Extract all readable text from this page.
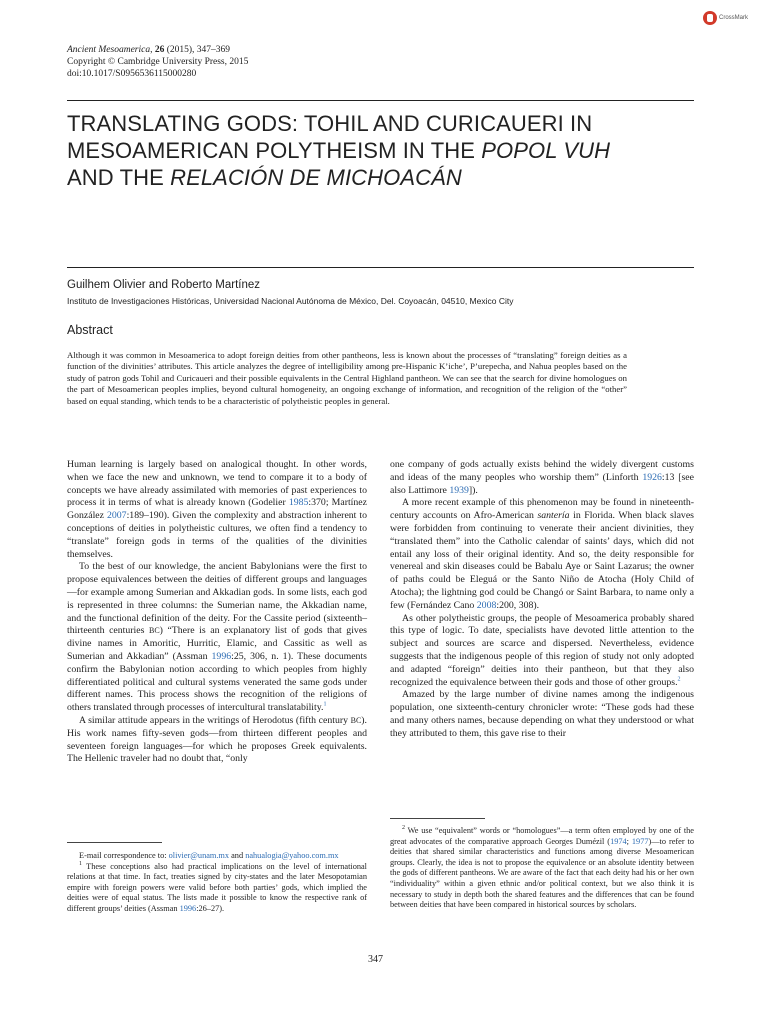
CrossMark
Ancient Mesoamerica, 26 (2015), 347–369
Copyright © Cambridge University Press, 2015
doi:10.1017/S0956536115000280
TRANSLATING GODS: TOHIL AND CURICAUERI IN
MESOAMERICAN POLYTHEISM IN THE POPOL VUH
AND THE RELACIÓN DE MICHOACÁN
Guilhem Olivier and Roberto Martínez
Instituto de Investigaciones Históricas, Universidad Nacional Autónoma de México, Del. Coyoacán, 04510, Mexico City
Abstract
Although it was common in Mesoamerica to adopt foreign deities from other pantheons, less is known about the processes of “translating” foreign deities as a function of the divinities’ attributes. This article analyzes the degree of intelligibility among pre-Hispanic K’iche’, P’urepecha, and Nahua peoples based on the study of patron gods Tohil and Curicaueri and their possible equivalents in the Central Highland pantheon. We can see that the search for divine homologues on the part of Mesoamerican peoples implies, beyond cultural homogeneity, an ongoing exchange of information, and recognition of the religion of the “other” based on equal standing, which tends to be a characteristic of polytheistic peoples in general.

Human learning is largely based on analogical thought. In other words, when we face the new and unknown, we tend to compare it to a body of concepts we have already assimilated with memories of past experiences to process it in terms of what is already known (Godelier 1985:370; Martínez González 2007:189–190). Given the complexity and abstraction inherent to conceptions of deities in polytheistic cultures, we often find a tendency to “translate” foreign gods in terms of the qualities of the divinities themselves.

To the best of our knowledge, the ancient Babylonians were the first to propose equivalences between the deities of different groups and languages—for example among Sumerian and Akkadian gods. In some lists, each god is represented in three columns: the Sumerian name, the Akkadian name, and the functional definition of the deity. For the Cassite period (sixteenth–thirteenth centuries BC) “There is an explanatory list of gods that gives divine names in Amoritic, Hurritic, Elamic, and Cassitic as well as Sumerian and Akkadian” (Assman 1996:25, 306, n. 1). These documents confirm the Babylonian notion according to which peoples from highly differentiated political and cultural systems venerated the same gods under different names. This process shows the recognition of the religions of others translated through processes of intercultural translatability.$^1$

A similar attitude appears in the writings of Herodotus (fifth century BC). His work names fifty-seven gods—from thirteen different peoples and seventeen foreign languages—for which he proposes Greek equivalents. The Hellenic traveler had no doubt that, “only

one company of gods actually exists behind the widely divergent customs and ideas of the many peoples who worship them” (Linforth 1926:13 [see also Lattimore 1939]).

A more recent example of this phenomenon may be found in nineteenth-century accounts on Afro-American santería in Florida. When black slaves were forbidden from continuing to venerate their ancient divinities, they “translated them” into the Catholic calendar of saints’ days, which did not entail any loss of their original identity. And so, the deity responsible for venereal and skin diseases could be Babalu Aye or Saint Lazarus; the owner of paths could be Eleguá or the Santo Niño de Atocha (Holy Child of Atocha); the lightning god could be Changó or Saint Barbara, to name only a few (Fernández Cano 2008:200, 308).

As other polytheistic groups, the people of Mesoamerica probably shared this type of logic. To date, specialists have devoted little attention to the subject and sources are scarce and dispersed. Nevertheless, evidence suggests that the indigenous people of this region of study not only adopted and adapted “foreign” deities into their pantheon, but that they also recognized the equivalence between their gods and those of other groups.$^2$

Amazed by the large number of divine names among the indigenous population, one sixteenth-century chronicler wrote: “These gods had these and many others names, because depending on what they understood or what they attributed to them, this gave rise to their

E-mail correspondence to: olivier@unam.mx and nahualogia@yahoo.com.mx

$^1$ These conceptions also had practical implications on the level of international relations at that time. In fact, treaties signed by city-states and the later Mesopotamian empire with foreign powers were valid before both parties’ gods, which implied the deities were of equal status. The lists made it possible to know the respective rank of different groups’ deities (Assman 1996:26–27).

$^2$ We use “equivalent” words or “homologues”—a term often employed by one of the great advocates of the comparative approach Georges Dumézil (1974; 1977)—to refer to deities that shared similar characteristics and functions among diverse Mesoamerican groups. Clearly, the idea is not to propose the equivalence or an absolute identity between the gods of different pantheons. We are aware of the fact that each deity had his or her own “individuality” within a given ethnic and/or political context, but we also think it is necessary to study in depth both the shared features and the differences that can be found between deities that have been compared in historical sources by scholars.

347
